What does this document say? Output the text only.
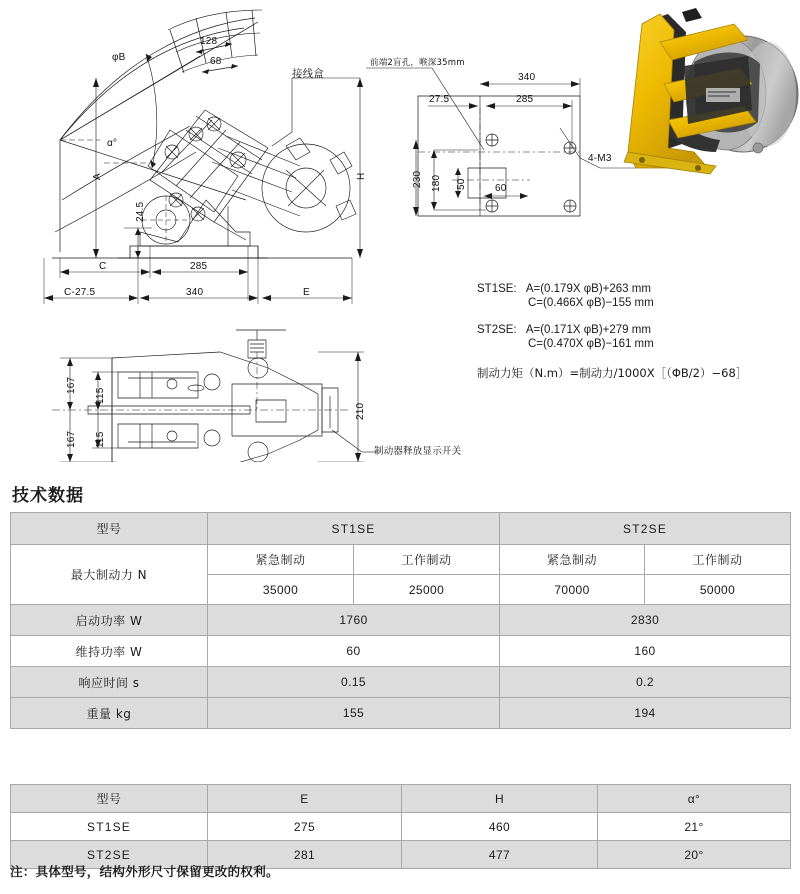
φB
128
68
α°
A	H
24.5
C	285
C-27.5	340	E
接线盒
前端2盲孔，喉深35mm
340
27.5	285
230 180 50	60
4-M3
167
115
115
167
210
制动器释放显示开关
ST1SE: A=(0.179X φB)+263 mm
C=(0.466X φB)−155 mm
ST2SE: A=(0.171X φB)+279 mm
C=(0.470X φB)−161 mm
制动力矩（N.m）=制动力/1000X［（ΦB/2）−68］
技术数据
型号	ST1SE		ST2SE	
最大制动力 N	紧急制动	工作制动	紧急制动	工作制动
	35000	25000	70000	50000
启动功率 W	1760		2830	
维持功率 W	60		160	
响应时间 s	0.15		0.2	
重量 kg	155		194	
型号	E	H	α°
ST1SE	275	460	21°
ST2SE	281	477	20°
注：具体型号，结构外形尺寸保留更改的权利。
